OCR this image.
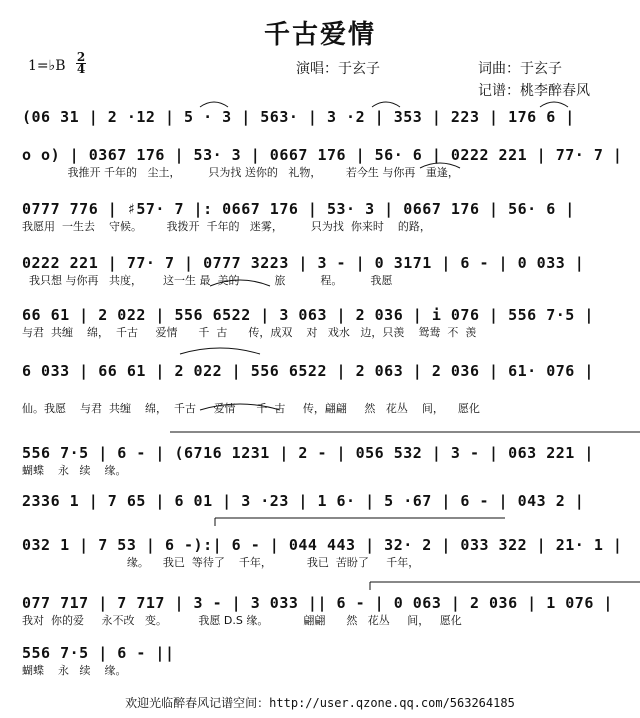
千古爱情
1=♭B
2
4	演唱：于玄子	词曲：于玄子
记谱：桃李醉春风
(06 31 | 2 ·12 | 5 · 3 | 563· | 3 ·2 | 353 | 223 | 176 6 |
o o) | 0367 176 | 53· 3 | 0667 176 | 56· 6 | 0222 221 | 77· 7 |
我推开 千年的   尘土，        只为找 送你的   礼物，       若今生 与你再   重逢，
0777 776 | ♯57· 7 |: 0667 176 | 53· 3 | 0667 176 | 56· 6 |
我愿用  一生去    守候。       我拨开  千年的   迷雾，        只为找  你来时    的路，
0222 221 | 77· 7 | 0777 3223 | 3 - | 0 3171 | 6 - | 0 033 |
我只想 与你再   共度，      这一生 最  美的          旅          程。        我愿
66 61 | 2 022 | 556 6522 | 3 063 | 2 036 | i 076 | 556 7·5 |
与君  共缠    绵，  千古     爱情      千  古      传，成双    对   戏水   边，只羡    鸳鸯  不  羡
6 033 | 66 61 | 2 022 | 556 6522 | 2 063 | 2 036 | 61· 076 |
仙。我愿    与君  共缠    绵，  千古     爱情      千  古     传，翩翩     然   花丛    间，    愿化
556 7·5 | 6 - | (6716 1231 | 2 - | 056 532 | 3 - | 063 221 |
蝴蝶    永   续    缘。
2336 1 | 7 65 | 6 01 | 3 ·23 | 1 6· | 5 ·67 | 6 - | 043 2 |
032 1 | 7 53 | 6 -):| 6 - | 044 443 | 32· 2 | 033 322 | 21· 1 |
缘。    我已  等待了    千年，          我已  苦盼了     千年，
077 717 | 7 717 | 3 - | 3 033 || 6 - | 0 063 | 2 036 | 1 076 |
我对  你的爱     永不改   变。         我愿 D.S 缘。          翩翩      然   花丛     间，   愿化
556 7·5 | 6 - ||
蝴蝶    永   续    缘。
欢迎光临醉春风记谱空间：http://user.qzone.qq.com/563264185
